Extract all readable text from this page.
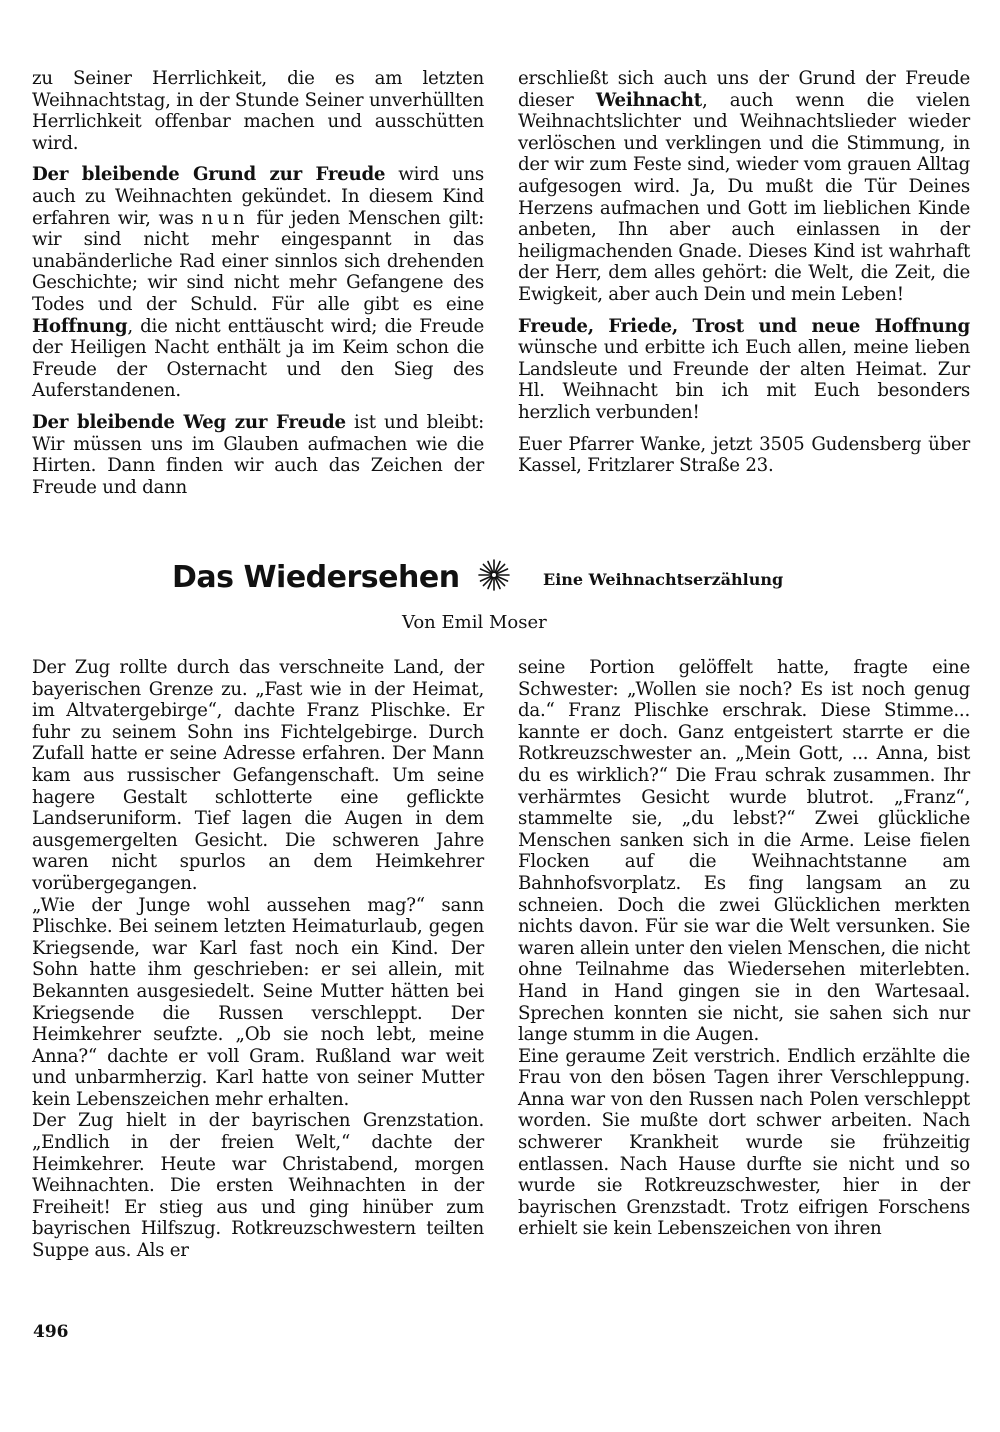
zu Seiner Herrlichkeit, die es am letzten Weihnachtstag, in der Stunde Seiner unverhüllten Herrlichkeit offenbar machen und ausschütten wird.

Der bleibende Grund zur Freude wird uns auch zu Weihnachten gekündet. In diesem Kind erfahren wir, was nun für jeden Menschen gilt: wir sind nicht mehr eingespannt in das unabänderliche Rad einer sinnlos sich drehenden Geschichte; wir sind nicht mehr Gefangene des Todes und der Schuld. Für alle gibt es eine Hoffnung, die nicht enttäuscht wird; die Freude der Heiligen Nacht enthält ja im Keim schon die Freude der Osternacht und den Sieg des Auferstandenen.

Der bleibende Weg zur Freude ist und bleibt: Wir müssen uns im Glauben aufmachen wie die Hirten. Dann finden wir auch das Zeichen der Freude und dann

erschließt sich auch uns der Grund der Freude dieser Weihnacht, auch wenn die vielen Weihnachtslichter und Weihnachtslieder wieder verlöschen und verklingen und die Stimmung, in der wir zum Feste sind, wieder vom grauen Alltag aufgesogen wird. Ja, Du mußt die Tür Deines Herzens aufmachen und Gott im lieblichen Kinde anbeten, Ihn aber auch einlassen in der heiligmachenden Gnade. Dieses Kind ist wahrhaft der Herr, dem alles gehört: die Welt, die Zeit, die Ewigkeit, aber auch Dein und mein Leben!

Freude, Friede, Trost und neue Hoffnung wünsche und erbitte ich Euch allen, meine lieben Landsleute und Freunde der alten Heimat. Zur Hl. Weihnacht bin ich mit Euch besonders herzlich verbunden!

Euer Pfarrer Wanke, jetzt 3505 Gudensberg über Kassel, Fritzlarer Straße 23.

Das Wiedersehen	Eine Weihnachtserzählung
Von Emil Moser

Der Zug rollte durch das verschneite Land, der bayerischen Grenze zu. „Fast wie in der Heimat, im Altvatergebirge“, dachte Franz Plischke. Er fuhr zu seinem Sohn ins Fichtelgebirge. Durch Zufall hatte er seine Adresse erfahren. Der Mann kam aus russischer Gefangenschaft. Um seine hagere Gestalt schlotterte eine geflickte Landseruniform. Tief lagen die Augen in dem ausgemergelten Gesicht. Die schweren Jahre waren nicht spurlos an dem Heimkehrer vorübergegangen.

„Wie der Junge wohl aussehen mag?“ sann Plischke. Bei seinem letzten Heimaturlaub, gegen Kriegsende, war Karl fast noch ein Kind. Der Sohn hatte ihm geschrieben: er sei allein, mit Bekannten ausgesiedelt. Seine Mutter hätten bei Kriegsende die Russen verschleppt. Der Heimkehrer seufzte. „Ob sie noch lebt, meine Anna?“ dachte er voll Gram. Rußland war weit und unbarmherzig. Karl hatte von seiner Mutter kein Lebenszeichen mehr erhalten.

Der Zug hielt in der bayrischen Grenzstation. „Endlich in der freien Welt,“ dachte der Heimkehrer. Heute war Christabend, morgen Weihnachten. Die ersten Weihnachten in der Freiheit! Er stieg aus und ging hinüber zum bayrischen Hilfszug. Rotkreuzschwestern teilten Suppe aus. Als er

seine Portion gelöffelt hatte, fragte eine Schwester: „Wollen sie noch? Es ist noch genug da.“ Franz Plischke erschrak. Diese Stimme... kannte er doch. Ganz entgeistert starrte er die Rotkreuzschwester an. „Mein Gott, ... Anna, bist du es wirklich?“ Die Frau schrak zusammen. Ihr verhärmtes Gesicht wurde blutrot. „Franz“, stammelte sie, „du lebst?“ Zwei glückliche Menschen sanken sich in die Arme. Leise fielen Flocken auf die Weihnachtstanne am Bahnhofsvorplatz. Es fing langsam an zu schneien. Doch die zwei Glücklichen merkten nichts davon. Für sie war die Welt versunken. Sie waren allein unter den vielen Menschen, die nicht ohne Teilnahme das Wiedersehen miterlebten. Hand in Hand gingen sie in den Wartesaal. Sprechen konnten sie nicht, sie sahen sich nur lange stumm in die Augen.

Eine geraume Zeit verstrich. Endlich erzählte die Frau von den bösen Tagen ihrer Verschleppung. Anna war von den Russen nach Polen verschleppt worden. Sie mußte dort schwer arbeiten. Nach schwerer Krankheit wurde sie frühzeitig entlassen. Nach Hause durfte sie nicht und so wurde sie Rotkreuzschwester, hier in der bayrischen Grenzstadt. Trotz eifrigen Forschens erhielt sie kein Lebenszeichen von ihren

496
